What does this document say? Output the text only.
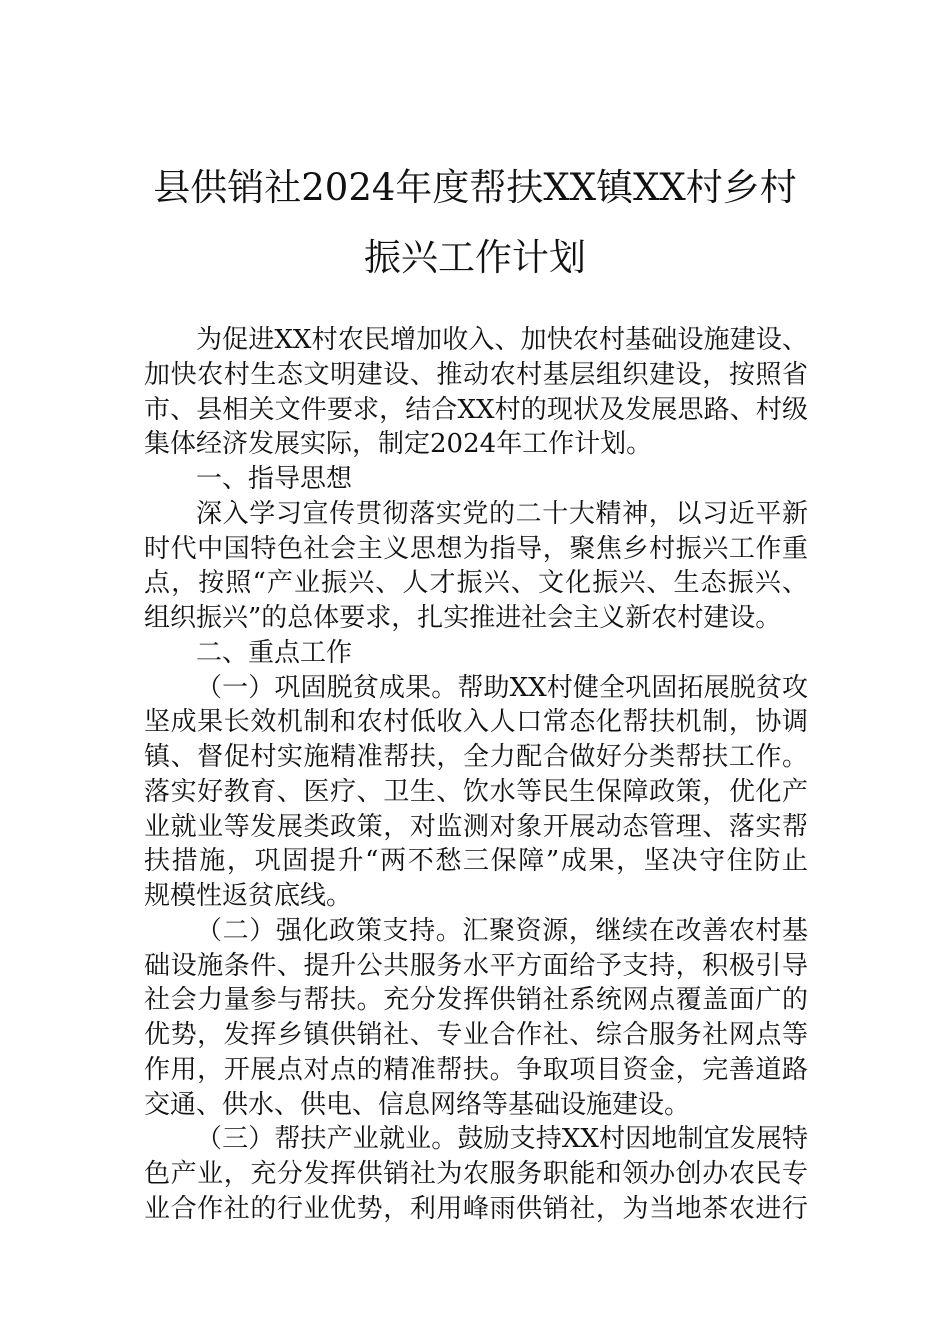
县供销社2024年度帮扶XX镇XX村乡村
振兴工作计划
为促进XX村农民增加收入、加快农村基础设施建设、
加快农村生态文明建设、推动农村基层组织建设，按照省
市、县相关文件要求，结合XX村的现状及发展思路、村级
集体经济发展实际，制定2024年工作计划。
一、指导思想
深入学习宣传贯彻落实党的二十大精神，以习近平新
时代中国特色社会主义思想为指导，聚焦乡村振兴工作重
点，按照“产业振兴、人才振兴、文化振兴、生态振兴、
组织振兴”的总体要求，扎实推进社会主义新农村建设。
二、重点工作
（一）巩固脱贫成果。帮助XX村健全巩固拓展脱贫攻
坚成果长效机制和农村低收入人口常态化帮扶机制，协调
镇、督促村实施精准帮扶，全力配合做好分类帮扶工作。
落实好教育、医疗、卫生、饮水等民生保障政策，优化产
业就业等发展类政策，对监测对象开展动态管理、落实帮
扶措施，巩固提升“两不愁三保障”成果，坚决守住防止
规模性返贫底线。
（二）强化政策支持。汇聚资源，继续在改善农村基
础设施条件、提升公共服务水平方面给予支持，积极引导
社会力量参与帮扶。充分发挥供销社系统网点覆盖面广的
优势，发挥乡镇供销社、专业合作社、综合服务社网点等
作用，开展点对点的精准帮扶。争取项目资金，完善道路
交通、供水、供电、信息网络等基础设施建设。
（三）帮扶产业就业。鼓励支持XX村因地制宜发展特
色产业，充分发挥供销社为农服务职能和领办创办农民专
业合作社的行业优势，利用峰雨供销社，为当地茶农进行
